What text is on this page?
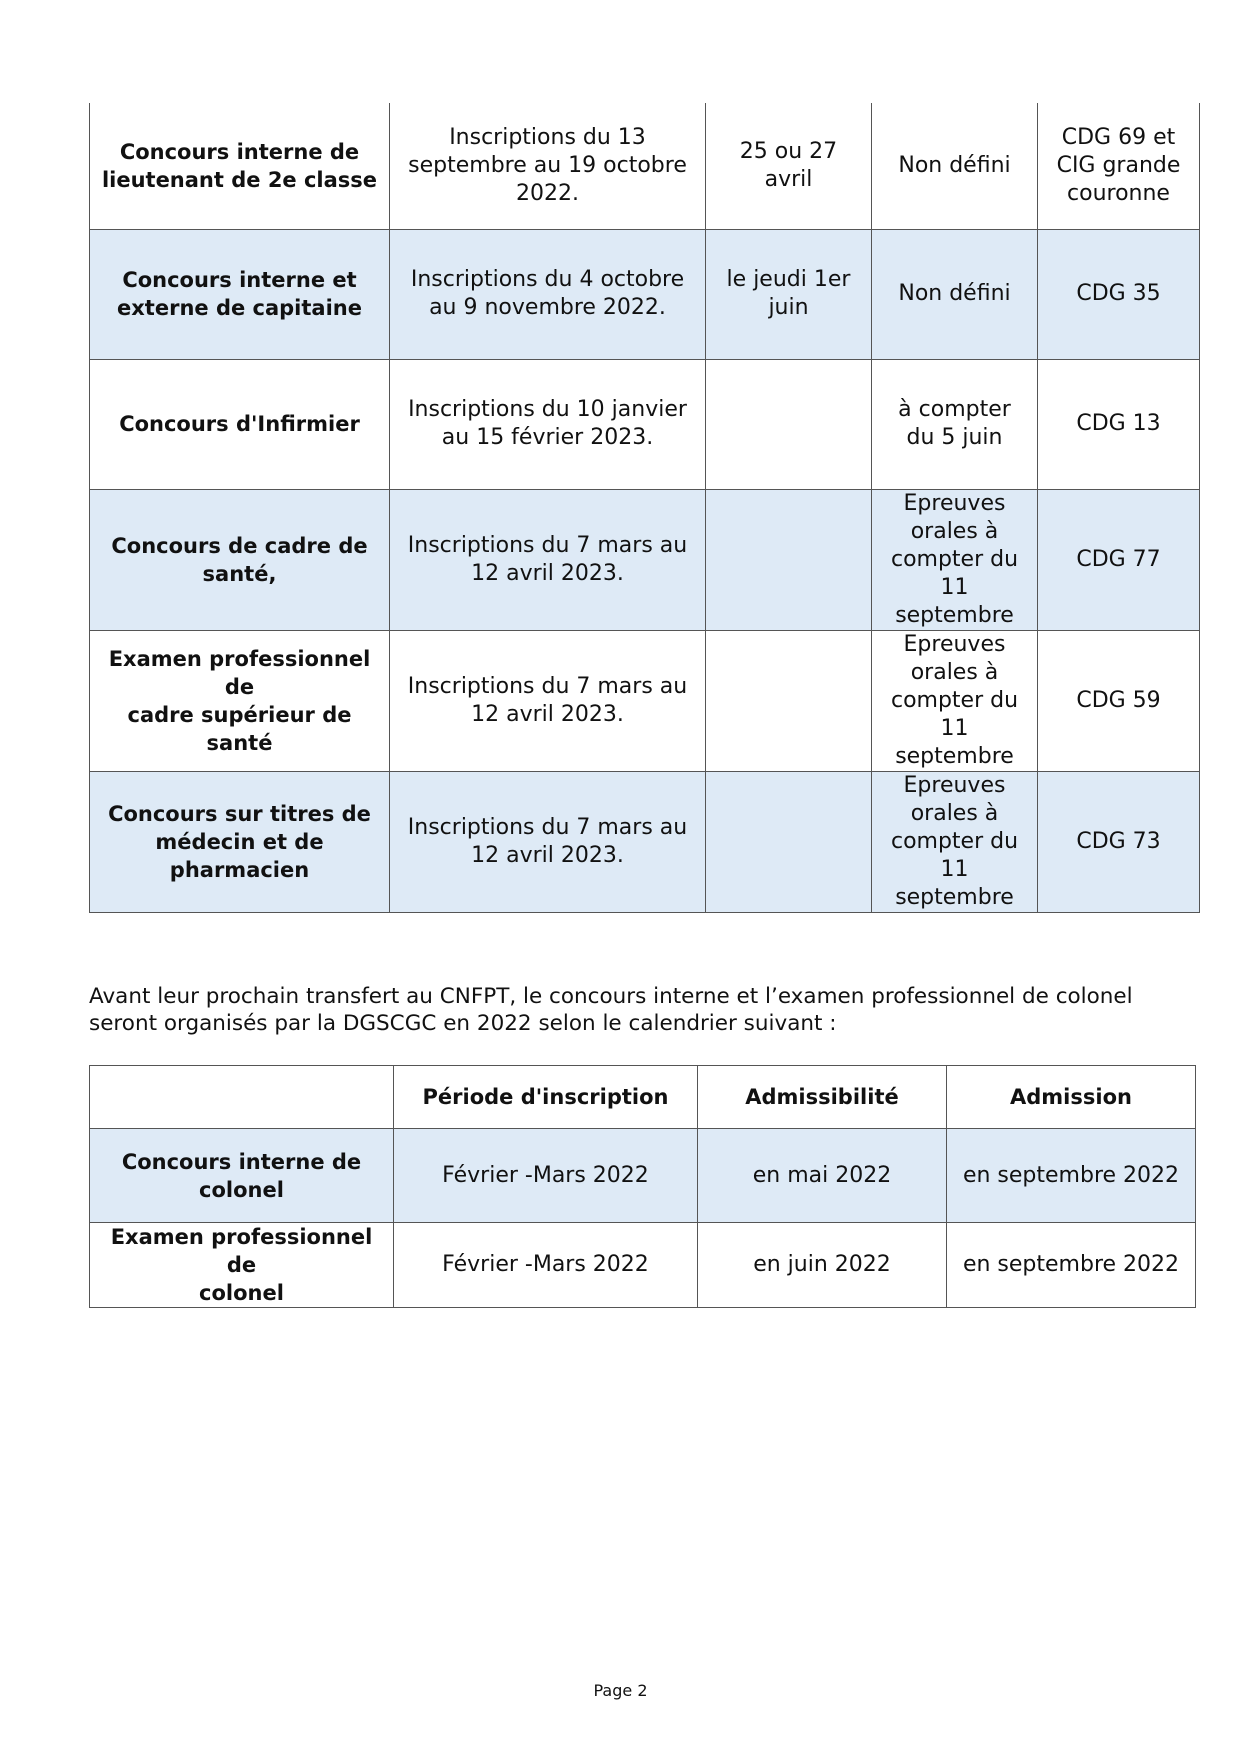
Concours interne de
lieutenant de 2e classe	Inscriptions du 13
septembre au 19 octobre
2022.	25 ou 27
avril	Non défini	CDG 69 et
CIG grande
couronne
Concours interne et
externe de capitaine	Inscriptions du 4 octobre
au 9 novembre 2022.	le jeudi 1er
juin	Non défini	CDG 35
Concours d'Infirmier	Inscriptions du 10 janvier
au 15 février 2023.		à compter
du 5 juin	CDG 13
Concours de cadre de
santé,	Inscriptions du 7 mars au
12 avril 2023.		Epreuves
orales à
compter du
11 septembre	CDG 77
Examen professionnel de
cadre supérieur de santé	Inscriptions du 7 mars au
12 avril 2023.		Epreuves
orales à
compter du
11 septembre	CDG 59
Concours sur titres de
médecin et de
pharmacien	Inscriptions du 7 mars au
12 avril 2023.		Epreuves
orales à
compter du
11 septembre	CDG 73

Avant leur prochain transfert au CNFPT, le concours interne et l’examen professionnel de colonel
seront organisés par la DGSCGC en 2022 selon le calendrier suivant :

	Période d'inscription	Admissibilité	Admission
Concours interne de
colonel	Février -Mars 2022	en mai 2022	en septembre 2022
Examen professionnel de
colonel	Février -Mars 2022	en juin 2022	en septembre 2022
Page 2
